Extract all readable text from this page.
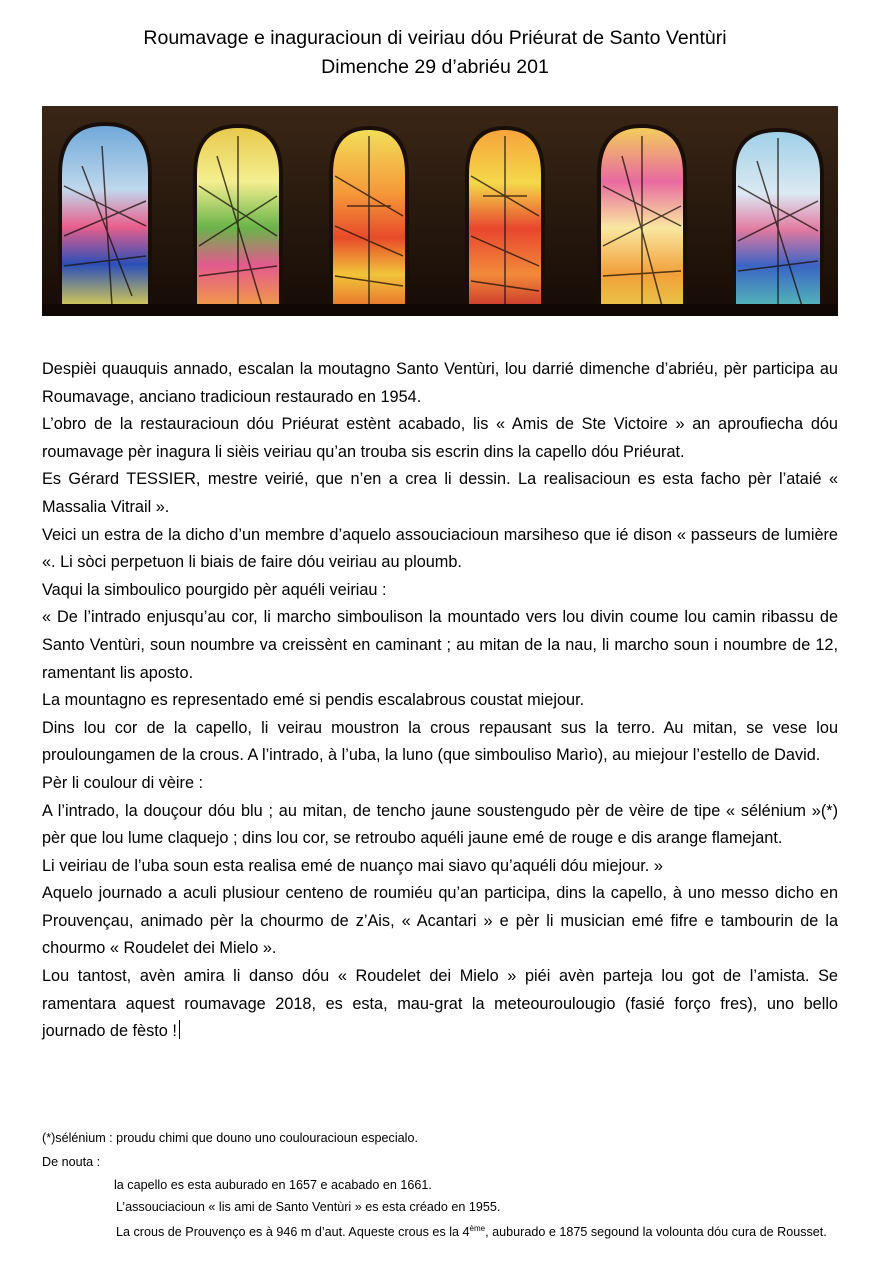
Roumavage e inaguracioun di veiriau dóu Priéurat de Santo Ventùri
Dimenche 29 d’abriéu 201

Despièi quauquis annado, escalan la moutagno Santo Ventùri, lou darrié dimenche d’abriéu, pèr participa au Roumavage, anciano tradicioun restaurado en 1954.

L’obro de la restauracioun dóu Priéurat estènt acabado, lis « Amis de Ste Victoire » an aproufiecha dóu roumavage pèr inagura li sièis veiriau qu’an trouba sis escrin dins la capello dóu Priéurat.

Es Gérard TESSIER, mestre veirié, que n’en a crea li dessin. La realisacioun es esta facho pèr l’ataié « Massalia Vitrail ».

Veici un estra de la dicho d’un membre d’aquelo assouciacioun marsiheso que ié dison « passeurs de lumière «. Li sòci perpetuon li biais de faire dóu veiriau au ploumb.

Vaqui la simboulico pourgido pèr aquéli veiriau :

« De l’intrado enjusqu’au cor, li marcho simboulison la mountado vers lou divin coume lou camin ribassu de Santo Ventùri, soun noumbre va creissènt en caminant ; au mitan de la nau, li marcho soun i noumbre de 12, ramentant lis aposto.

La mountagno es representado emé si pendis escalabrous coustat miejour.

Dins lou cor de la capello, li veirau moustron la crous repausant sus la terro. Au mitan, se vese lou prouloungamen de la crous. A l’intrado, à l’uba, la luno (que simbouliso Marìo), au miejour l’estello de David.

Pèr li coulour di vèire :

A l’intrado, la douçour dóu blu ; au mitan, de tencho jaune soustengudo pèr de vèire de tipe « sélénium »(*) pèr que lou lume claquejo ; dins lou cor, se retroubo aquéli jaune emé de rouge e dis arange flamejant.

Li veiriau de l’uba soun esta realisa emé de nuanço mai siavo qu’aquéli dóu miejour. »

Aquelo journado a aculi plusiour centeno de roumiéu qu’an participa, dins la capello, à uno messo dicho en Prouvençau, animado pèr la chourmo de z’Ais, « Acantari » e pèr li musician emé fifre e tambourin de la chourmo « Roudelet dei Mielo ».

Lou tantost, avèn amira li danso dóu « Roudelet dei Mielo » piéi avèn parteja lou got de l’amista. Se ramentara aquest roumavage 2018, es esta, mau-grat la meteouroulougio (fasié forço fres), uno bello journado de fèsto !

(*)sélénium : proudu chimi que douno uno coulouracioun especialo.

De nouta :

la capello es esta auburado en 1657 e acabado en 1661.

L’assouciacioun « lis ami de Santo Ventùri » es esta créado en 1955.

La crous de Prouvenço es à 946 m d’aut. Aqueste crous es la 4ème, auburado e 1875 segound la volounta dóu cura de Rousset.
